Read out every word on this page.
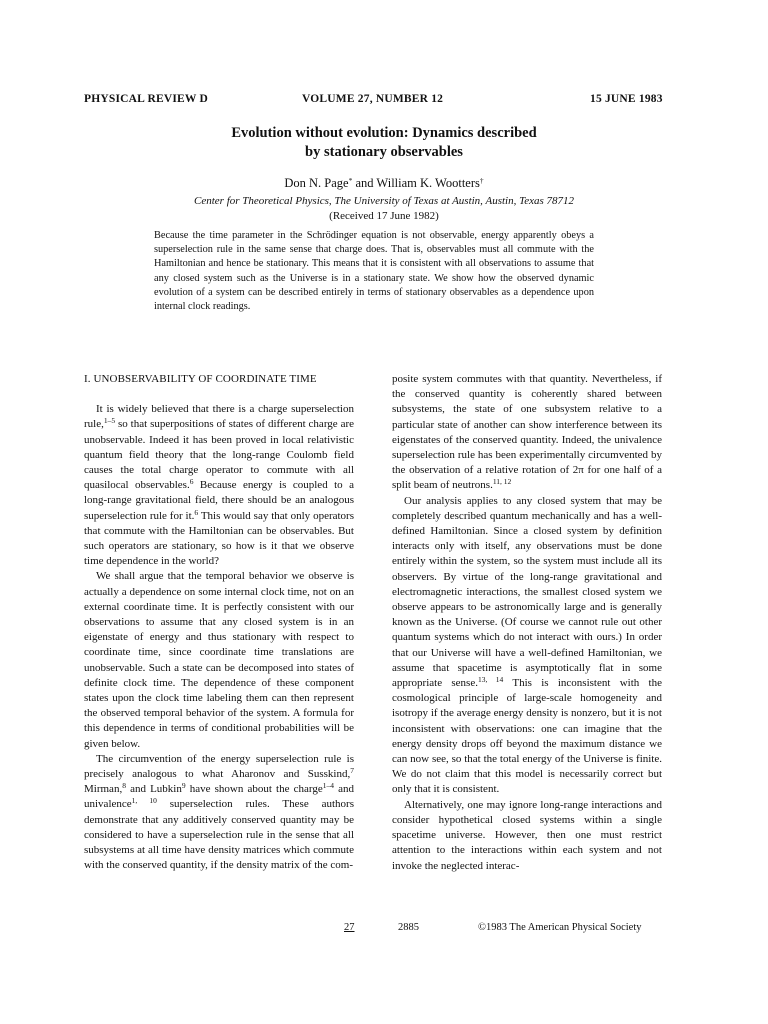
PHYSICAL REVIEW D	VOLUME 27, NUMBER 12	15 JUNE 1983
Evolution without evolution: Dynamics described
by stationary observables
Don N. Page* and William K. Wootters†
Center for Theoretical Physics, The University of Texas at Austin, Austin, Texas 78712
(Received 17 June 1982)

Because the time parameter in the Schrödinger equation is not observable, energy apparently obeys a superselection rule in the same sense that charge does. That is, observables must all commute with the Hamiltonian and hence be stationary. This means that it is consistent with all observations to assume that any closed system such as the Universe is in a stationary state. We show how the observed dynamic evolution of a system can be described entirely in terms of stationary observables as a dependence upon internal clock readings.

I. UNOBSERVABILITY OF COORDINATE TIME

It is widely believed that there is a charge superselection rule,$^{1-5}$ so that superpositions of states of different charge are unobservable. Indeed it has been proved in local relativistic quantum field theory that the long-range Coulomb field causes the total charge operator to commute with all quasilocal observables.$^6$ Because energy is coupled to a long-range gravitational field, there should be an analogous superselection rule for it.$^6$ This would say that only operators that commute with the Hamiltonian can be observables. But such operators are stationary, so how is it that we observe time dependence in the world?

We shall argue that the temporal behavior we observe is actually a dependence on some internal clock time, not on an external coordinate time. It is perfectly consistent with our observations to assume that any closed system is in an eigenstate of energy and thus stationary with respect to coordinate time, since coordinate time translations are unobservable. Such a state can be decomposed into states of definite clock time. The dependence of these component states upon the clock time labeling them can then represent the observed temporal behavior of the system. A formula for this dependence in terms of conditional probabilities will be given below.

The circumvention of the energy superselection rule is precisely analogous to what Aharonov and Susskind,$^7$ Mirman,$^8$ and Lubkin$^9$ have shown about the charge$^{1-4}$ and univalence$^{1, 10}$ superselection rules. These authors demonstrate that any additively conserved quantity may be considered to have a superselection rule in the sense that all subsystems at all time have density matrices which commute with the conserved quantity, if the density matrix of the com-

posite system commutes with that quantity. Nevertheless, if the conserved quantity is coherently shared between subsystems, the state of one subsystem relative to a particular state of another can show interference between its eigenstates of the conserved quantity. Indeed, the univalence superselection rule has been experimentally circumvented by the observation of a relative rotation of 2π for one half of a split beam of neutrons.$^{11, 12}$

Our analysis applies to any closed system that may be completely described quantum mechanically and has a well-defined Hamiltonian. Since a closed system by definition interacts only with itself, any observations must be done entirely within the system, so the system must include all its observers. By virtue of the long-range gravitational and electromagnetic interactions, the smallest closed system we observe appears to be astronomically large and is generally known as the Universe. (Of course we cannot rule out other quantum systems which do not interact with ours.) In order that our Universe will have a well-defined Hamiltonian, we assume that spacetime is asymptotically flat in some appropriate sense.$^{13, 14}$ This is inconsistent with the cosmological principle of large-scale homogeneity and isotropy if the average energy density is nonzero, but it is not inconsistent with observations: one can imagine that the energy density drops off beyond the maximum distance we can now see, so that the total energy of the Universe is finite. We do not claim that this model is necessarily correct but only that it is consistent.

Alternatively, one may ignore long-range interactions and consider hypothetical closed systems within a single spacetime universe. However, then one must restrict attention to the interactions within each system and not invoke the neglected interac-

27	2885	©1983 The American Physical Society
